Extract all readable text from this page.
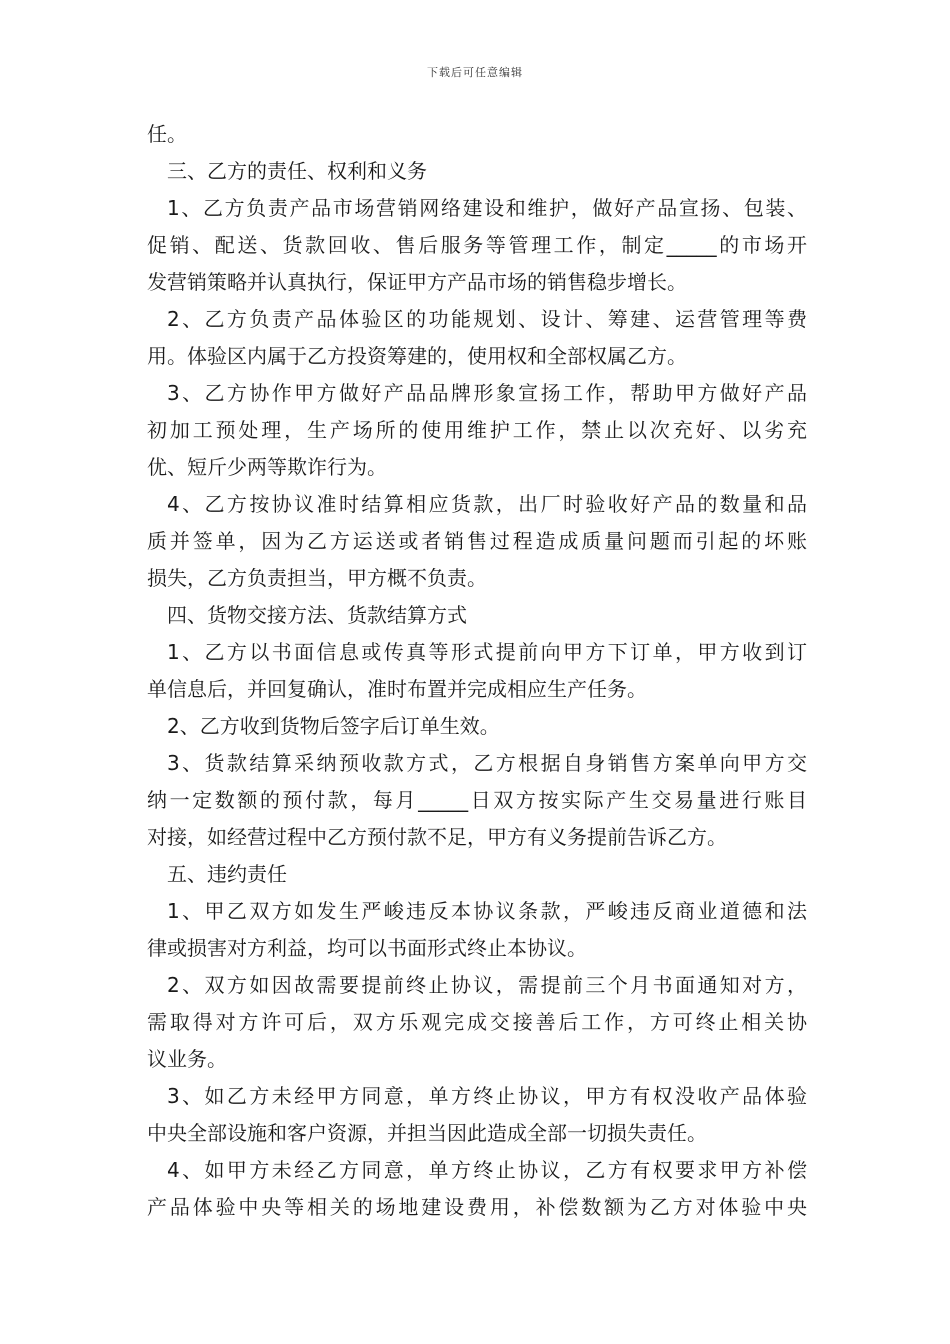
下载后可任意编辑
任。
三、乙方的责任、权利和义务
1、乙方负责产品市场营销网络建设和维护，做好产品宣扬、包装、
促销、配送、货款回收、售后服务等管理工作，制定_____的市场开
发营销策略并认真执行，保证甲方产品市场的销售稳步增长。
2、乙方负责产品体验区的功能规划、设计、筹建、运营管理等费
用。体验区内属于乙方投资筹建的，使用权和全部权属乙方。
3、乙方协作甲方做好产品品牌形象宣扬工作，帮助甲方做好产品
初加工预处理，生产场所的使用维护工作，禁止以次充好、以劣充
优、短斤少两等欺诈行为。
4、乙方按协议准时结算相应货款，出厂时验收好产品的数量和品
质并签单，因为乙方运送或者销售过程造成质量问题而引起的坏账
损失，乙方负责担当，甲方概不负责。
四、货物交接方法、货款结算方式
1、乙方以书面信息或传真等形式提前向甲方下订单，甲方收到订
单信息后，并回复确认，准时布置并完成相应生产任务。
2、乙方收到货物后签字后订单生效。
3、货款结算采纳预收款方式，乙方根据自身销售方案单向甲方交
纳一定数额的预付款，每月_____日双方按实际产生交易量进行账目
对接，如经营过程中乙方预付款不足，甲方有义务提前告诉乙方。
五、违约责任
1、甲乙双方如发生严峻违反本协议条款，严峻违反商业道德和法
律或损害对方利益，均可以书面形式终止本协议。
2、双方如因故需要提前终止协议，需提前三个月书面通知对方，
需取得对方许可后，双方乐观完成交接善后工作，方可终止相关协
议业务。
3、如乙方未经甲方同意，单方终止协议，甲方有权没收产品体验
中央全部设施和客户资源，并担当因此造成全部一切损失责任。
4、如甲方未经乙方同意，单方终止协议，乙方有权要求甲方补偿
产品体验中央等相关的场地建设费用，补偿数额为乙方对体验中央
